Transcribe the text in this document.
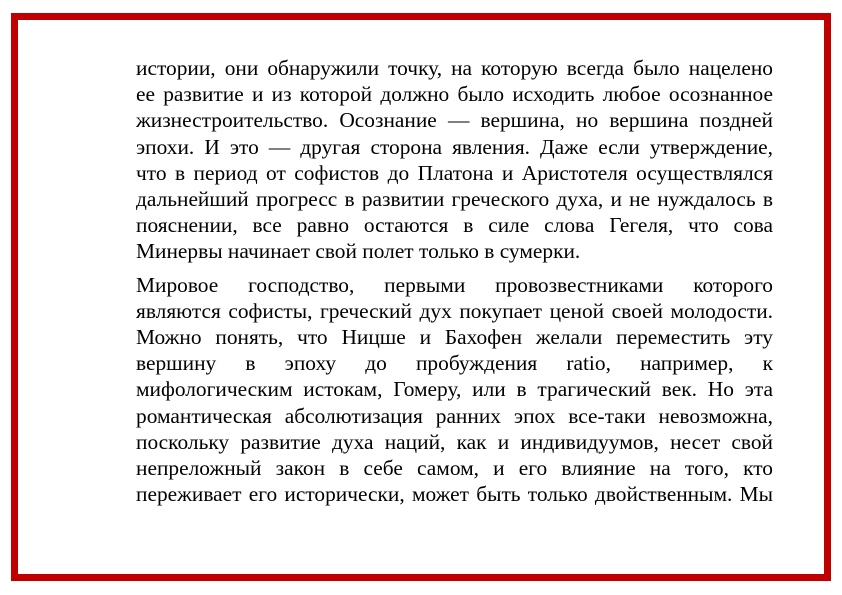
истории, они обнаружили точку, на которую всегда было нацелено
ее развитие и из которой должно было исходить любое осознанное
жизнестроительство. Осознание — вершина, но вершина поздней
эпохи. И это — другая сторона явления. Даже если утверждение,
что в период от софистов до Платона и Аристотеля осуществлялся
дальнейший прогресс в развитии греческого духа, и не нуждалось в
пояснении, все равно остаются в силе слова Гегеля, что сова
Минервы начинает свой полет только в сумерки.

Мировое господство, первыми провозвестниками которого
являются софисты, греческий дух покупает ценой своей молодости.
Можно понять, что Ницше и Бахофен желали переместить эту
вершину в эпоху до пробуждения ratio, например, к
мифологическим истокам, Гомеру, или в трагический век. Но эта
романтическая абсолютизация ранних эпох все-таки невозможна,
поскольку развитие духа наций, как и индивидуумов, несет свой
непреложный закон в себе самом, и его влияние на того, кто
переживает его исторически, может быть только двойственным. Мы
